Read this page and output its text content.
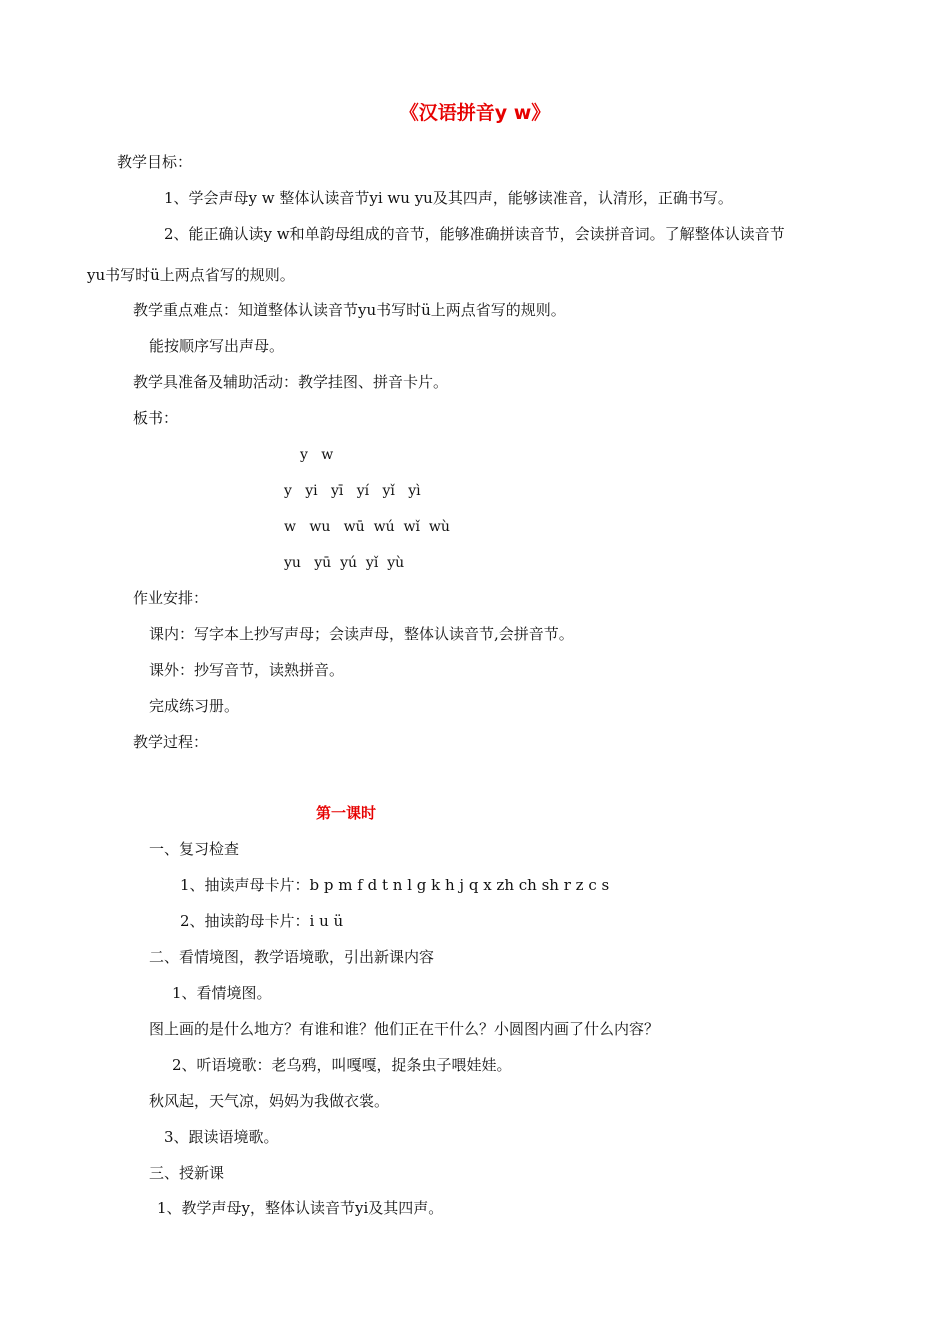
《汉语拼音y w》
教学目标：
1、学会声母y w 整体认读音节yi wu yu及其四声，能够读准音，认清形，正确书写。
2、能正确认读y w和单韵母组成的音节，能够准确拼读音节，会读拼音词。了解整体认读音节
yu书写时ü上两点省写的规则。
教学重点难点：知道整体认读音节yu书写时ü上两点省写的规则。
能按顺序写出声母。
教学具准备及辅助活动：教学挂图、拼音卡片。
板书：
y   w
y   yi   yī   yí   yǐ   yì
w   wu   wū  wú  wǐ  wù
yu   yū  yú  yǐ  yù
作业安排：
课内：写字本上抄写声母；会读声母，整体认读音节,会拼音节。
课外：抄写音节，读熟拼音。
完成练习册。
教学过程：
第一课时
一、复习检查
1、抽读声母卡片：b p m f d t n l g k h j q x zh ch sh r z c s
2、抽读韵母卡片：i u ü
二、看情境图，教学语境歌，引出新课内容
1、看情境图。
图上画的是什么地方？有谁和谁？他们正在干什么？小圆图内画了什么内容？
2、听语境歌：老乌鸦，叫嘎嘎，捉条虫子喂娃娃。
秋风起，天气凉，妈妈为我做衣裳。
3、跟读语境歌。
三、授新课
1、教学声母y，整体认读音节yi及其四声。
